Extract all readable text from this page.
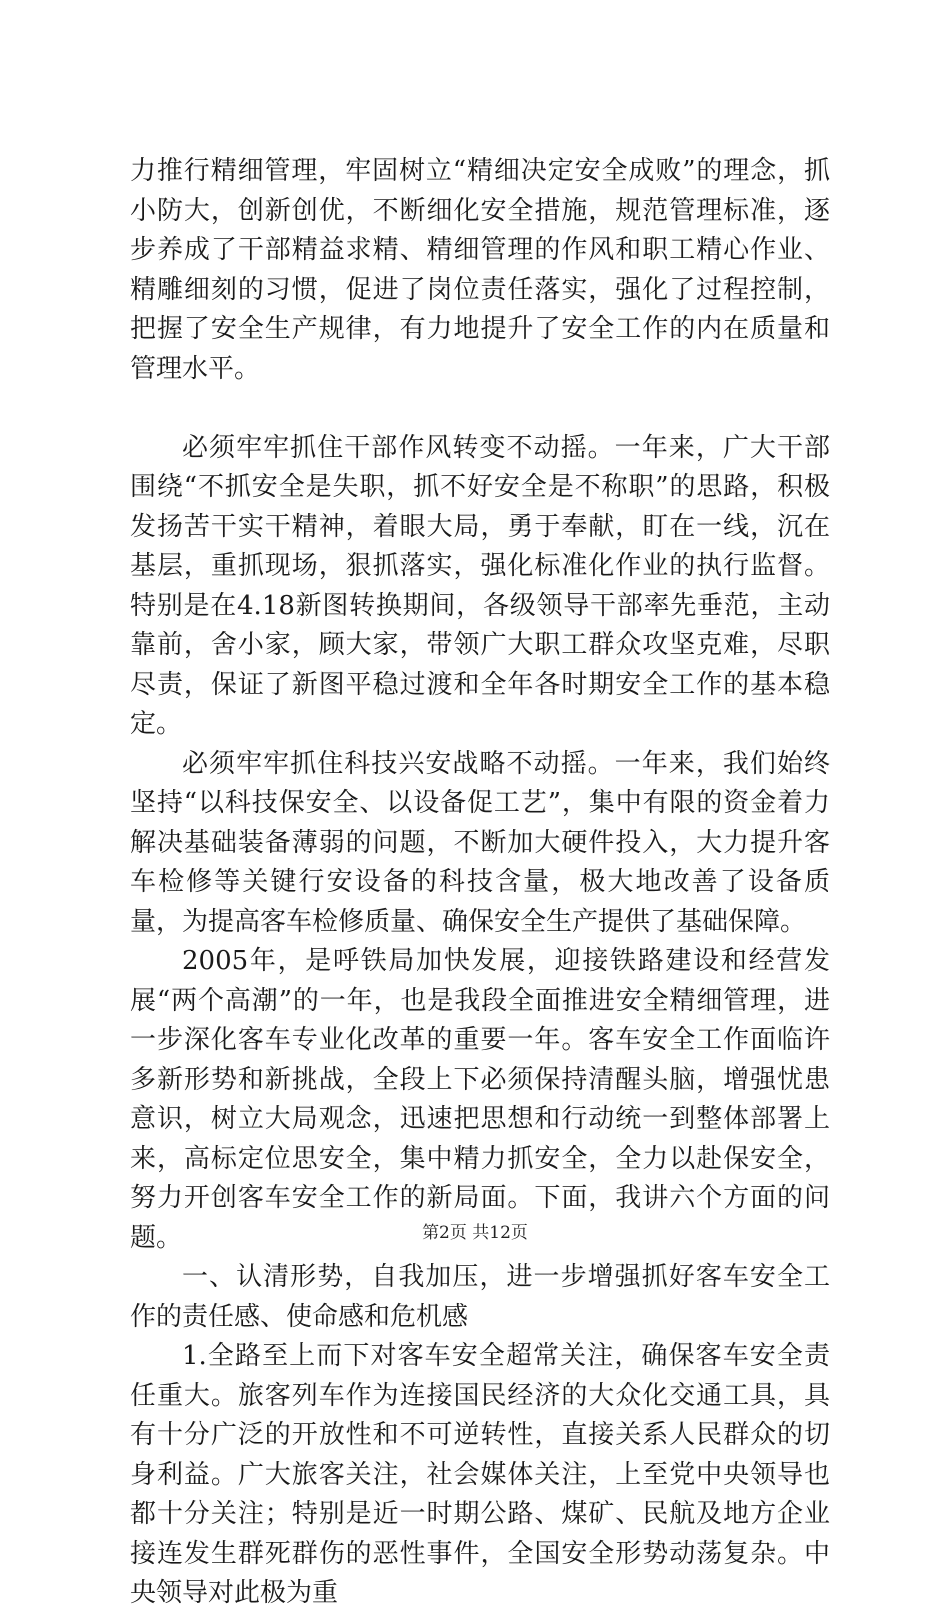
力推行精细管理，牢固树立“精细决定安全成败”的理念，抓小防大，创新创优，不断细化安全措施，规范管理标准，逐步养成了干部精益求精、精细管理的作风和职工精心作业、精雕细刻的习惯，促进了岗位责任落实，强化了过程控制，把握了安全生产规律，有力地提升了安全工作的内在质量和管理水平。

必须牢牢抓住干部作风转变不动摇。一年来，广大干部围绕“不抓安全是失职，抓不好安全是不称职”的思路，积极发扬苦干实干精神，着眼大局，勇于奉献，盯在一线，沉在基层，重抓现场，狠抓落实，强化标准化作业的执行监督。特别是在4.18新图转换期间，各级领导干部率先垂范，主动靠前，舍小家，顾大家，带领广大职工群众攻坚克难，尽职尽责，保证了新图平稳过渡和全年各时期安全工作的基本稳定。

必须牢牢抓住科技兴安战略不动摇。一年来，我们始终坚持“以科技保安全、以设备促工艺”，集中有限的资金着力解决基础装备薄弱的问题，不断加大硬件投入，大力提升客车检修等关键行安设备的科技含量，极大地改善了设备质量，为提高客车检修质量、确保安全生产提供了基础保障。

2005年，是呼铁局加快发展，迎接铁路建设和经营发展“两个高潮”的一年，也是我段全面推进安全精细管理，进一步深化客车专业化改革的重要一年。客车安全工作面临许多新形势和新挑战，全段上下必须保持清醒头脑，增强忧患意识，树立大局观念，迅速把思想和行动统一到整体部署上来，高标定位思安全，集中精力抓安全，全力以赴保安全，努力开创客车安全工作的新局面。下面，我讲六个方面的问题。

一、认清形势，自我加压，进一步增强抓好客车安全工作的责任感、使命感和危机感

1.全路至上而下对客车安全超常关注，确保客车安全责任重大。旅客列车作为连接国民经济的大众化交通工具，具有十分广泛的开放性和不可逆转性，直接关系人民群众的切身利益。广大旅客关注，社会媒体关注，上至党中央领导也都十分关注；特别是近一时期公路、煤矿、民航及地方企业接连发生群死群伤的恶性事件，全国安全形势动荡复杂。中央领导对此极为重

第2页 共12页
